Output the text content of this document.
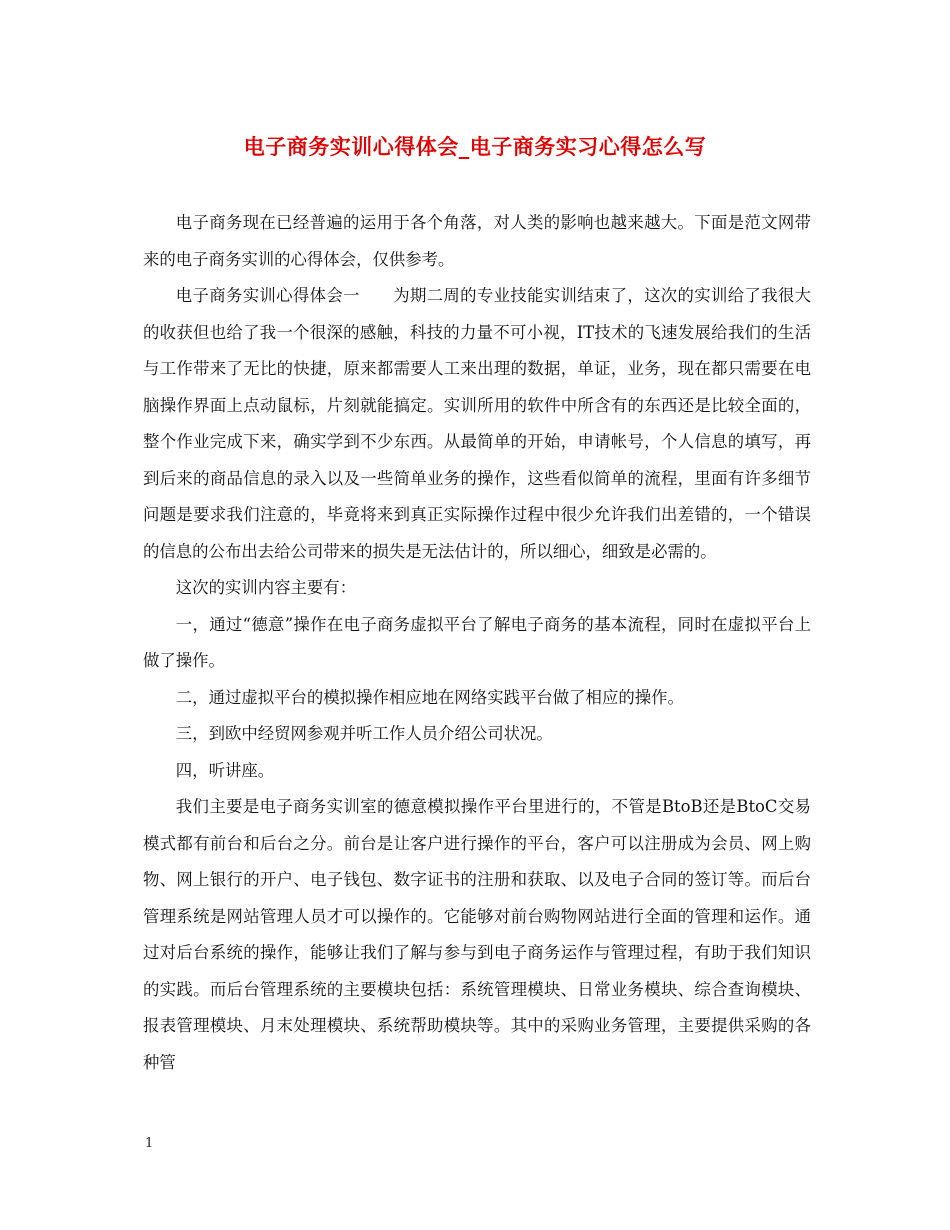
电子商务实训心得体会_电子商务实习心得怎么写

电子商务现在已经普遍的运用于各个角落，对人类的影响也越来越大。下面是范文网带来的电子商务实训的心得体会，仅供参考。

电子商务实训心得体会一　　为期二周的专业技能实训结束了，这次的实训给了我很大的收获但也给了我一个很深的感触，科技的力量不可小视，IT技术的飞速发展给我们的生活与工作带来了无比的快捷，原来都需要人工来出理的数据，单证，业务，现在都只需要在电脑操作界面上点动鼠标，片刻就能搞定。实训所用的软件中所含有的东西还是比较全面的，整个作业完成下来，确实学到不少东西。从最简单的开始，申请帐号，个人信息的填写，再到后来的商品信息的录入以及一些简单业务的操作，这些看似简单的流程，里面有许多细节问题是要求我们注意的，毕竟将来到真正实际操作过程中很少允许我们出差错的，一个错误的信息的公布出去给公司带来的损失是无法估计的，所以细心，细致是必需的。

这次的实训内容主要有：

一，通过“德意”操作在电子商务虚拟平台了解电子商务的基本流程，同时在虚拟平台上做了操作。

二，通过虚拟平台的模拟操作相应地在网络实践平台做了相应的操作。

三，到欧中经贸网参观并听工作人员介绍公司状况。

四，听讲座。

我们主要是电子商务实训室的德意模拟操作平台里进行的，不管是BtoB还是BtoC交易模式都有前台和后台之分。前台是让客户进行操作的平台，客户可以注册成为会员、网上购物、网上银行的开户、电子钱包、数字证书的注册和获取、以及电子合同的签订等。而后台管理系统是网站管理人员才可以操作的。它能够对前台购物网站进行全面的管理和运作。通过对后台系统的操作，能够让我们了解与参与到电子商务运作与管理过程，有助于我们知识的实践。而后台管理系统的主要模块包括：系统管理模块、日常业务模块、综合查询模块、报表管理模块、月末处理模块、系统帮助模块等。其中的采购业务管理，主要提供采购的各种管

1
